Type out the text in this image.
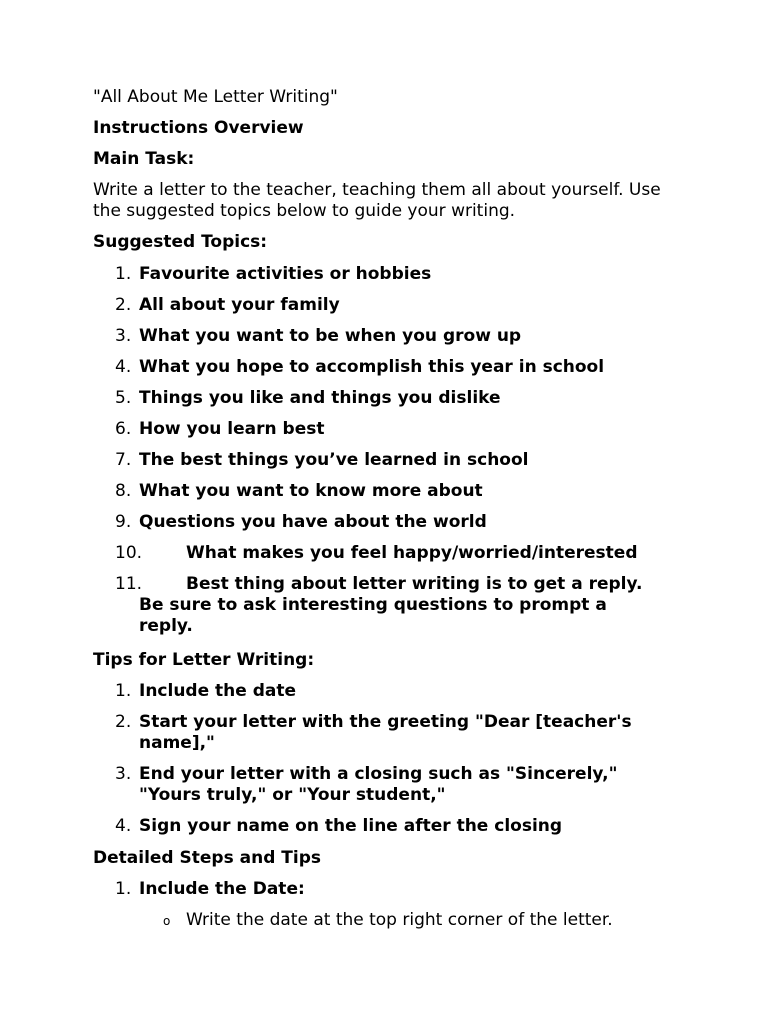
"All About Me Letter Writing"

Instructions Overview

Main Task:

Write a letter to the teacher, teaching them all about yourself. Use the suggested topics below to guide your writing.

Suggested Topics:

1. Favourite activities or hobbies
2. All about your family
3. What you want to be when you grow up
4. What you hope to accomplish this year in school
5. Things you like and things you dislike
6. How you learn best
7. The best things you’ve learned in school
8. What you want to know more about
9. Questions you have about the world
10.	What makes you feel happy/worried/interested
11.	Best thing about letter writing is to get a reply.
Be sure to ask interesting questions to prompt a reply.

Tips for Letter Writing:

1. Include the date
2. Start your letter with the greeting "Dear [teacher's name],"
3. End your letter with a closing such as "Sincerely," "Yours truly," or "Your student,"
4. Sign your name on the line after the closing

Detailed Steps and Tips

1. Include the Date:
o Write the date at the top right corner of the letter.
